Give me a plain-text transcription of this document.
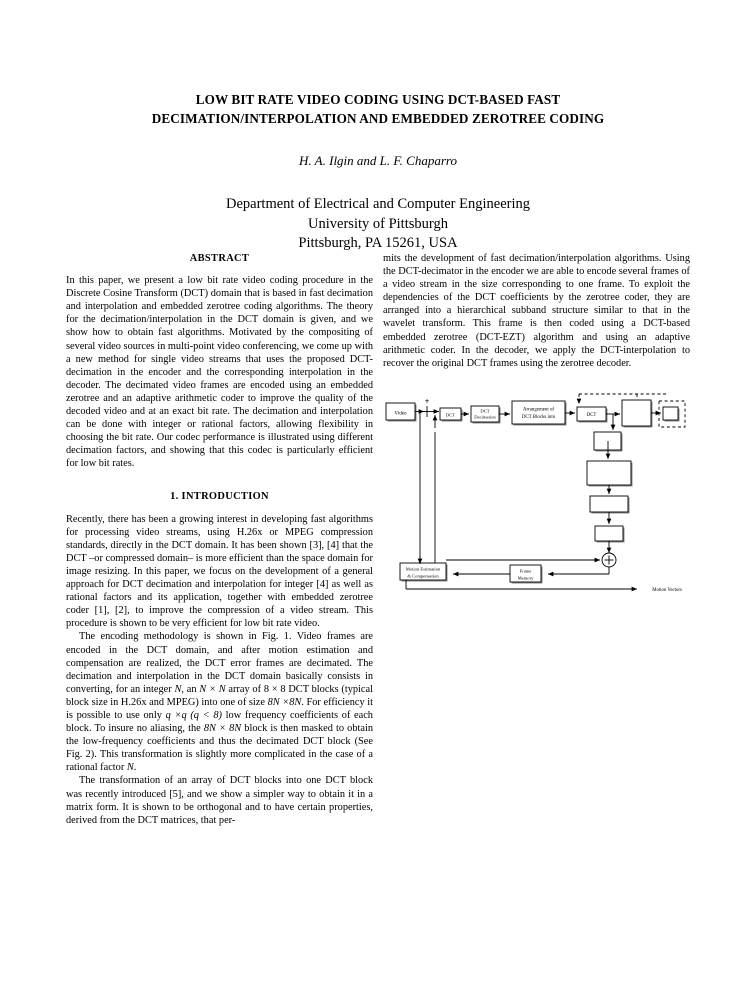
LOW BIT RATE VIDEO CODING USING DCT-BASED FAST
DECIMATION/INTERPOLATION AND EMBEDDED ZEROTREE CODING
H. A. Ilgin and L. F. Chaparro
Department of Electrical and Computer Engineering
University of Pittsburgh
Pittsburgh, PA 15261, USA
ABSTRACT

In this paper, we present a low bit rate video coding procedure in the Discrete Cosine Transform (DCT) domain that is based in fast decimation and interpolation and embedded zerotree coding algorithms. The theory for the decimation/interpolation in the DCT domain is given, and we show how to obtain fast algorithms. Motivated by the compositing of several video sources in multi-point video conferencing, we come up with a new method for single video streams that uses the proposed DCT-decimation in the encoder and the corresponding interpolation in the decoder. The decimated video frames are encoded using an embedded zerotree and an adaptive arithmetic coder to improve the quality of the decoded video and at an exact bit rate. The decimation and interpolation can be done with integer or rational factors, allowing flexibility in choosing the bit rate. Our codec performance is illustrated using different decimation factors, and showing that this codec is particularly efficient for low bit rates.

1. INTRODUCTION

Recently, there has been a growing interest in developing fast algorithms for processing video streams, using H.26x or MPEG compression standards, directly in the DCT domain. It has been shown [3], [4] that the DCT –or compressed domain– is more efficient than the space domain for image resizing. In this paper, we focus on the development of a general approach for DCT decimation and interpolation for integer [4] as well as rational factors and its application, together with embedded zerotree coder [1], [2], to improve the compression of a video stream. This procedure is shown to be very efficient for low bit rate video.

The encoding methodology is shown in Fig. 1. Video frames are encoded in the DCT domain, and after motion estimation and compensation are realized, the DCT error frames are decimated. The decimation and interpolation in the DCT domain basically consists in converting, for an integer N, an N × N array of 8 × 8 DCT blocks (typical block size in H.26x and MPEG) into one of size 8N ×8N. For efficiency it is possible to use only q ×q (q < 8) low frequency coefficients of each block. To insure no aliasing, the 8N × 8N block is then masked to obtain the low-frequency coefficients and thus the decimated DCT block (See Fig. 2). This transformation is slightly more complicated in the case of a rational factor N.

The transformation of an array of DCT blocks into one DCT block was recently introduced [5], and we show a simpler way to obtain it in a matrix form. It is shown to be orthogonal and to have certain properties, derived from the DCT matrices, that per-

mits the development of fast decimation/interpolation algorithms. Using the DCT-decimator in the encoder we are able to encode several frames of a video stream in the size corresponding to one frame. To exploit the dependencies of the DCT coefficients by the zerotree coder, they are arranged into a hierarchical subband structure similar to that in the wavelet transform. This frame is then coded using a DCT-based embedded zerotree (DCT-EZT) algorithm and using an adaptive arithmetic coder. In the decoder, we apply the DCT-interpolation to recover the original DCT frames using the zerotree decoder.

Video	DCT
DCT
Decimation
Arrangement of
DCT Blocks into	DCT
Motion Estimation
& Compensation
Frame
Memory
+
Motion Vectors
